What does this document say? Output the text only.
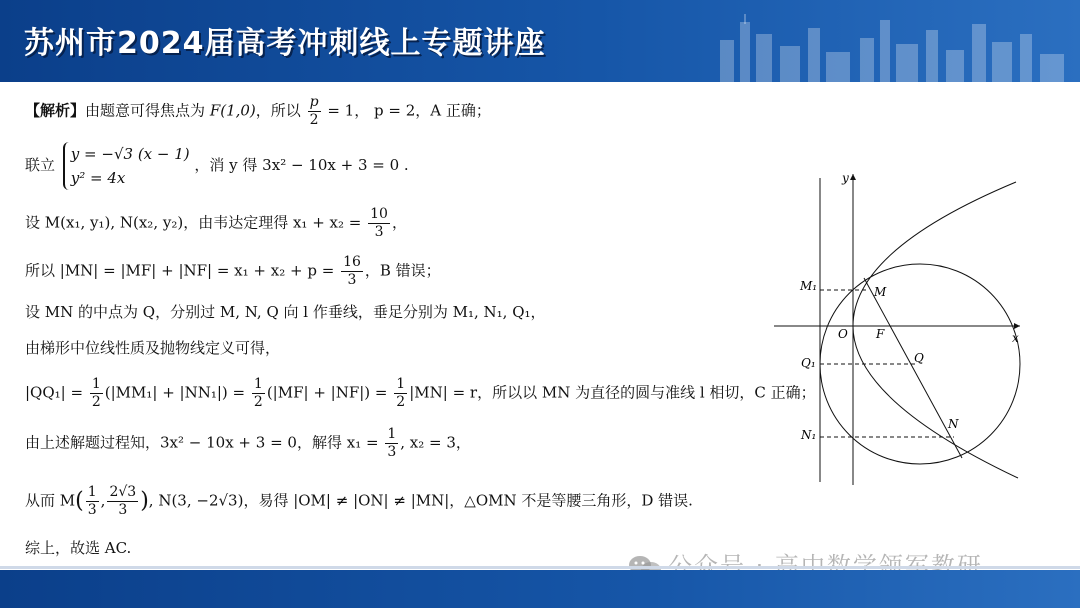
苏州市2024届高考冲刺线上专题讲座
【解析】由题意可得焦点为 F(1,0)，所以 $\frac{p}{2} = 1$， p = 2，A 正确；
联立
y = −√3 (x − 1)
y² = 4x
，消 y 得 3x² − 10x + 3 = 0 .
设 M(x₁, y₁), N(x₂, y₂)，由韦达定理得 $x_1 + x_2 = \frac{10}{3}$ ，
所以 $|MN| = |MF| + |NF| = x_1 + x_2 + p = \frac{16}{3}$ ，B 错误；
设 MN 的中点为 Q，分别过 M, N, Q 向 l 作垂线，垂足分别为 M₁, N₁, Q₁，
由梯形中位线性质及抛物线定义可得，
$|QQ_1| = \frac{1}{2} (|MM_1| + |NN_1|) = \frac{1}{2} (|MF| + |NF|) = \frac{1}{2} |MN| = r$，所以以 MN 为直径的圆与准线 l 相切，C 正确；
由上述解题过程知，3x² − 10x + 3 = 0，解得 $x_1 = \frac{1}{3}$ , x₂ = 3，
从而 $M( \frac{1}{3}$ , $\frac{2√3}{3}$ ), N(3, −2√3)，易得 |OM| ≠ |ON| ≠ |MN|，△OMN 不是等腰三角形，D 错误.
综上，故选 AC.
x
y
O F
M
N
Q
M₁
Q₁
N₁
